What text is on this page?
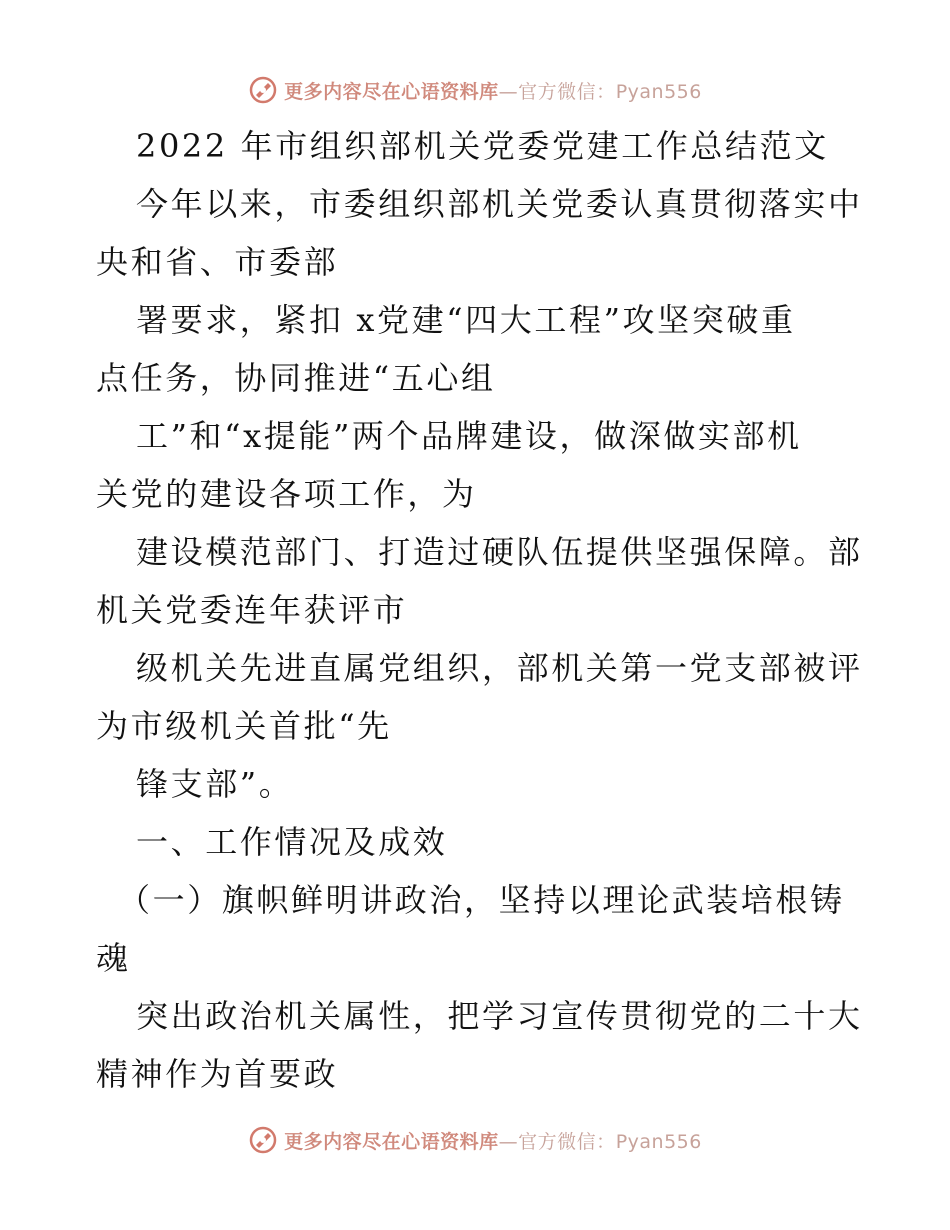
更多内容尽在心语资料库—官方微信：Pyan556
2022 年市组织部机关党委党建工作总结范文
今年以来，市委组织部机关党委认真贯彻落实中
央和省、市委部
署要求，紧扣 x党建“四大工程”攻坚突破重
点任务，协同推进“五心组
工”和“x提能”两个品牌建设，做深做实部机
关党的建设各项工作，为
建设模范部门、打造过硬队伍提供坚强保障。部
机关党委连年获评市
级机关先进直属党组织，部机关第一党支部被评
为市级机关首批“先
锋支部”。
一、工作情况及成效
（一）旗帜鲜明讲政治，坚持以理论武装培根铸
魂
突出政治机关属性，把学习宣传贯彻党的二十大
精神作为首要政
更多内容尽在心语资料库—官方微信：Pyan556
